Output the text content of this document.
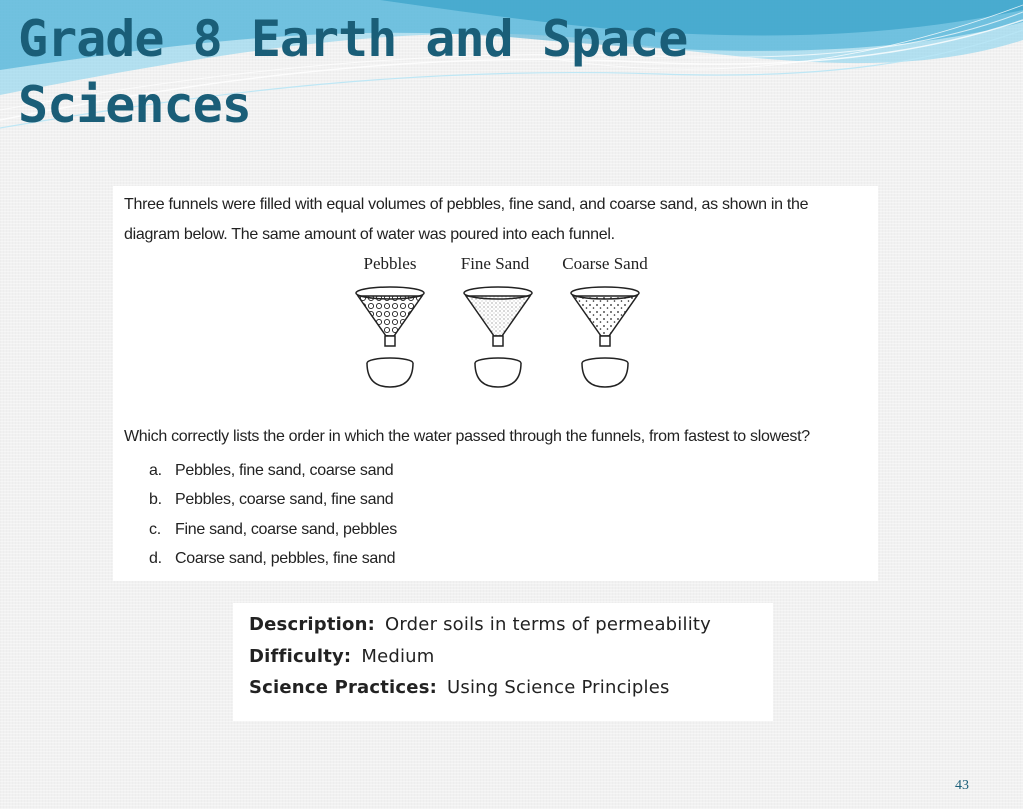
Grade 8 Earth and Space Sciences

Three funnels were filled with equal volumes of pebbles, fine sand, and coarse sand, as shown in the

diagram below. The same amount of water was poured into each funnel.

Pebbles	Fine Sand Coarse Sand

Which correctly lists the order in which the water passed through the funnels, from fastest to slowest?

a. Pebbles, fine sand, coarse sand

b. Pebbles, coarse sand, fine sand

c. Fine sand, coarse sand, pebbles

d. Coarse sand, pebbles, fine sand

Description: Order soils in terms of permeability

Difficulty: Medium

Science Practices: Using Science Principles

43
